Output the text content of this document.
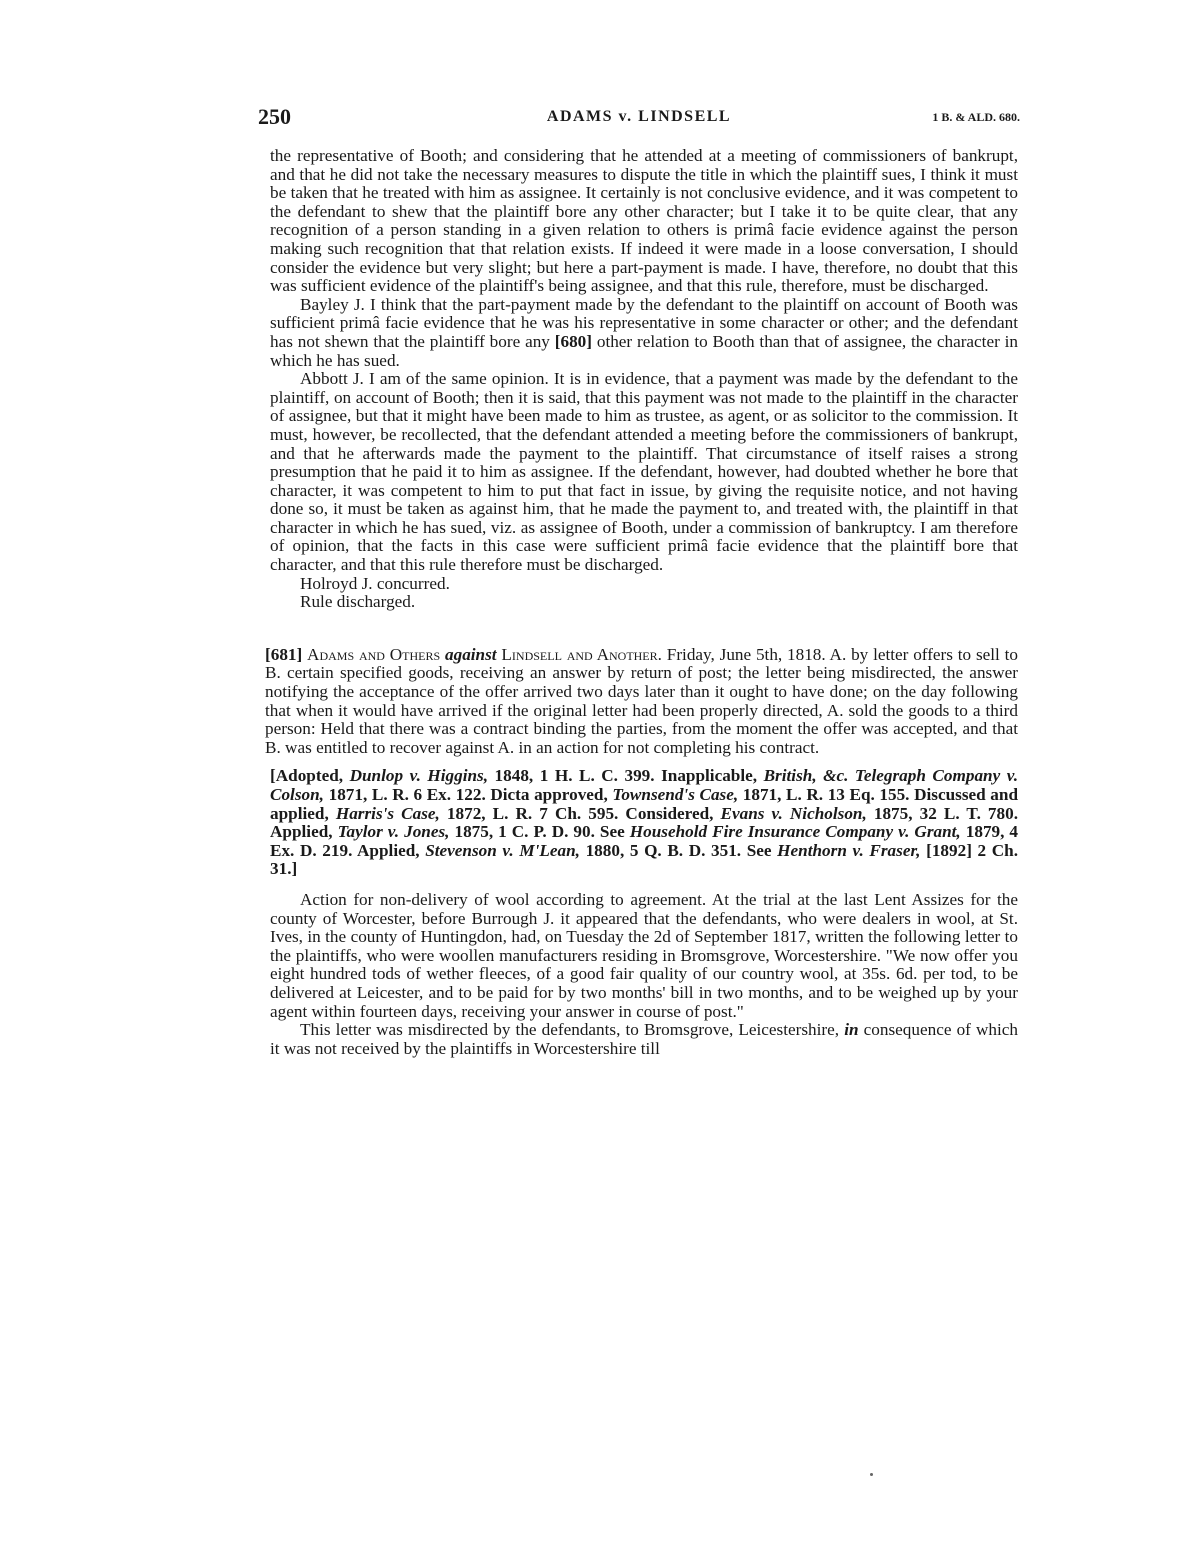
250	ADAMS v. LINDSELL	1 B. & ALD. 680.

the representative of Booth; and considering that he attended at a meeting of commissioners of bankrupt, and that he did not take the necessary measures to dispute the title in which the plaintiff sues, I think it must be taken that he treated with him as assignee. It certainly is not conclusive evidence, and it was competent to the defendant to shew that the plaintiff bore any other character; but I take it to be quite clear, that any recognition of a person standing in a given relation to others is primâ facie evidence against the person making such recognition that that relation exists. If indeed it were made in a loose conversation, I should consider the evidence but very slight; but here a part-payment is made. I have, therefore, no doubt that this was sufficient evidence of the plaintiff's being assignee, and that this rule, therefore, must be discharged.

Bayley J. I think that the part-payment made by the defendant to the plaintiff on account of Booth was sufficient primâ facie evidence that he was his representative in some character or other; and the defendant has not shewn that the plaintiff bore any [680] other relation to Booth than that of assignee, the character in which he has sued.

Abbott J. I am of the same opinion. It is in evidence, that a payment was made by the defendant to the plaintiff, on account of Booth; then it is said, that this payment was not made to the plaintiff in the character of assignee, but that it might have been made to him as trustee, as agent, or as solicitor to the commission. It must, however, be recollected, that the defendant attended a meeting before the commissioners of bankrupt, and that he afterwards made the payment to the plaintiff. That circumstance of itself raises a strong presumption that he paid it to him as assignee. If the defendant, however, had doubted whether he bore that character, it was competent to him to put that fact in issue, by giving the requisite notice, and not having done so, it must be taken as against him, that he made the payment to, and treated with, the plaintiff in that character in which he has sued, viz. as assignee of Booth, under a commission of bankruptcy. I am therefore of opinion, that the facts in this case were sufficient primâ facie evidence that the plaintiff bore that character, and that this rule therefore must be discharged.

Holroyd J. concurred.

Rule discharged.

[681] Adams and Others against Lindsell and Another. Friday, June 5th, 1818. A. by letter offers to sell to B. certain specified goods, receiving an answer by return of post; the letter being misdirected, the answer notifying the acceptance of the offer arrived two days later than it ought to have done; on the day following that when it would have arrived if the original letter had been properly directed, A. sold the goods to a third person: Held that there was a contract binding the parties, from the moment the offer was accepted, and that B. was entitled to recover against A. in an action for not completing his contract.

[Adopted, Dunlop v. Higgins, 1848, 1 H. L. C. 399. Inapplicable, British, &c. Telegraph Company v. Colson, 1871, L. R. 6 Ex. 122. Dicta approved, Townsend's Case, 1871, L. R. 13 Eq. 155. Discussed and applied, Harris's Case, 1872, L. R. 7 Ch. 595. Considered, Evans v. Nicholson, 1875, 32 L. T. 780. Applied, Taylor v. Jones, 1875, 1 C. P. D. 90. See Household Fire Insurance Company v. Grant, 1879, 4 Ex. D. 219. Applied, Stevenson v. M'Lean, 1880, 5 Q. B. D. 351. See Henthorn v. Fraser, [1892] 2 Ch. 31.]

Action for non-delivery of wool according to agreement. At the trial at the last Lent Assizes for the county of Worcester, before Burrough J. it appeared that the defendants, who were dealers in wool, at St. Ives, in the county of Huntingdon, had, on Tuesday the 2d of September 1817, written the following letter to the plaintiffs, who were woollen manufacturers residing in Bromsgrove, Worcestershire. "We now offer you eight hundred tods of wether fleeces, of a good fair quality of our country wool, at 35s. 6d. per tod, to be delivered at Leicester, and to be paid for by two months' bill in two months, and to be weighed up by your agent within fourteen days, receiving your answer in course of post."

This letter was misdirected by the defendants, to Bromsgrove, Leicestershire, in consequence of which it was not received by the plaintiffs in Worcestershire till
